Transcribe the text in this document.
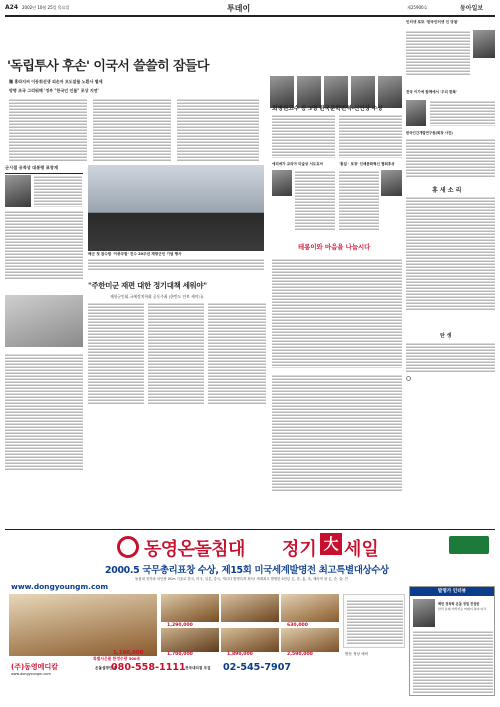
A24 2002년 10월 25일 목요일	투데이	제25900호	동아일보
'독립투사 후손' 이국서 쓸쓸히 잠들다
獨 홍라지씨 이동휘선생 외손자 모도알물 노환사 별세
망명 조국 그리워해 '정부 "한국인 인물" 포상 지연'
군시절 공적상 대통령 표창계
해군 첫 잠수함 '이종무함' 진수 20주년 재향군인 기념 행사
"주한미군 재편 대한 정기대책 세워야"
재향군인회-국제정치학회 공동주최 (한반도 안보 세미나)
회병원고수 등 3명 한국문학번역-신인상 수상
에리에가 교리아 미술상 서도호씨	'통일 · 포장' 인쇄문화혁신 협회후상
테롱이와 마음을 나눕시다
인터넷 로또 '한국인터넷 인 당첨'
전국 이가에 함께에서 '우리 한복'
한국인간개발연구원(회장 사진)
휴 새 소 리
탄 생
동영온돌침대 정기 大 세일
2000.5 국무총리표창 수상, 제15회 미국세계발명전 최고특별대상수상
돌침대 전자파 차단장 0Cm 기술로 한국, 미국, 일본, 중국, 캐나다 발명특허 획득! 세계최초 발명한 5천년 온, 휴, 홍, 옥, 세라믹 참 온, 순, 출, 전
www.dongyoungm.com
특별사은품 한정수량 300조
(주)동영메디칼
www.dongyoungm.com
온돌설명안내
080-558-1111 전국대리점 모집 02-545-7907
1,190,000
1,290,000	630,000
1,700,000	1,890,000	2,590,000	방문 정상 예비
발명가 인터뷰
백만 정착학 온돌 정밀 전설한
안식 유대 가리키는 어데이 하야 다크
